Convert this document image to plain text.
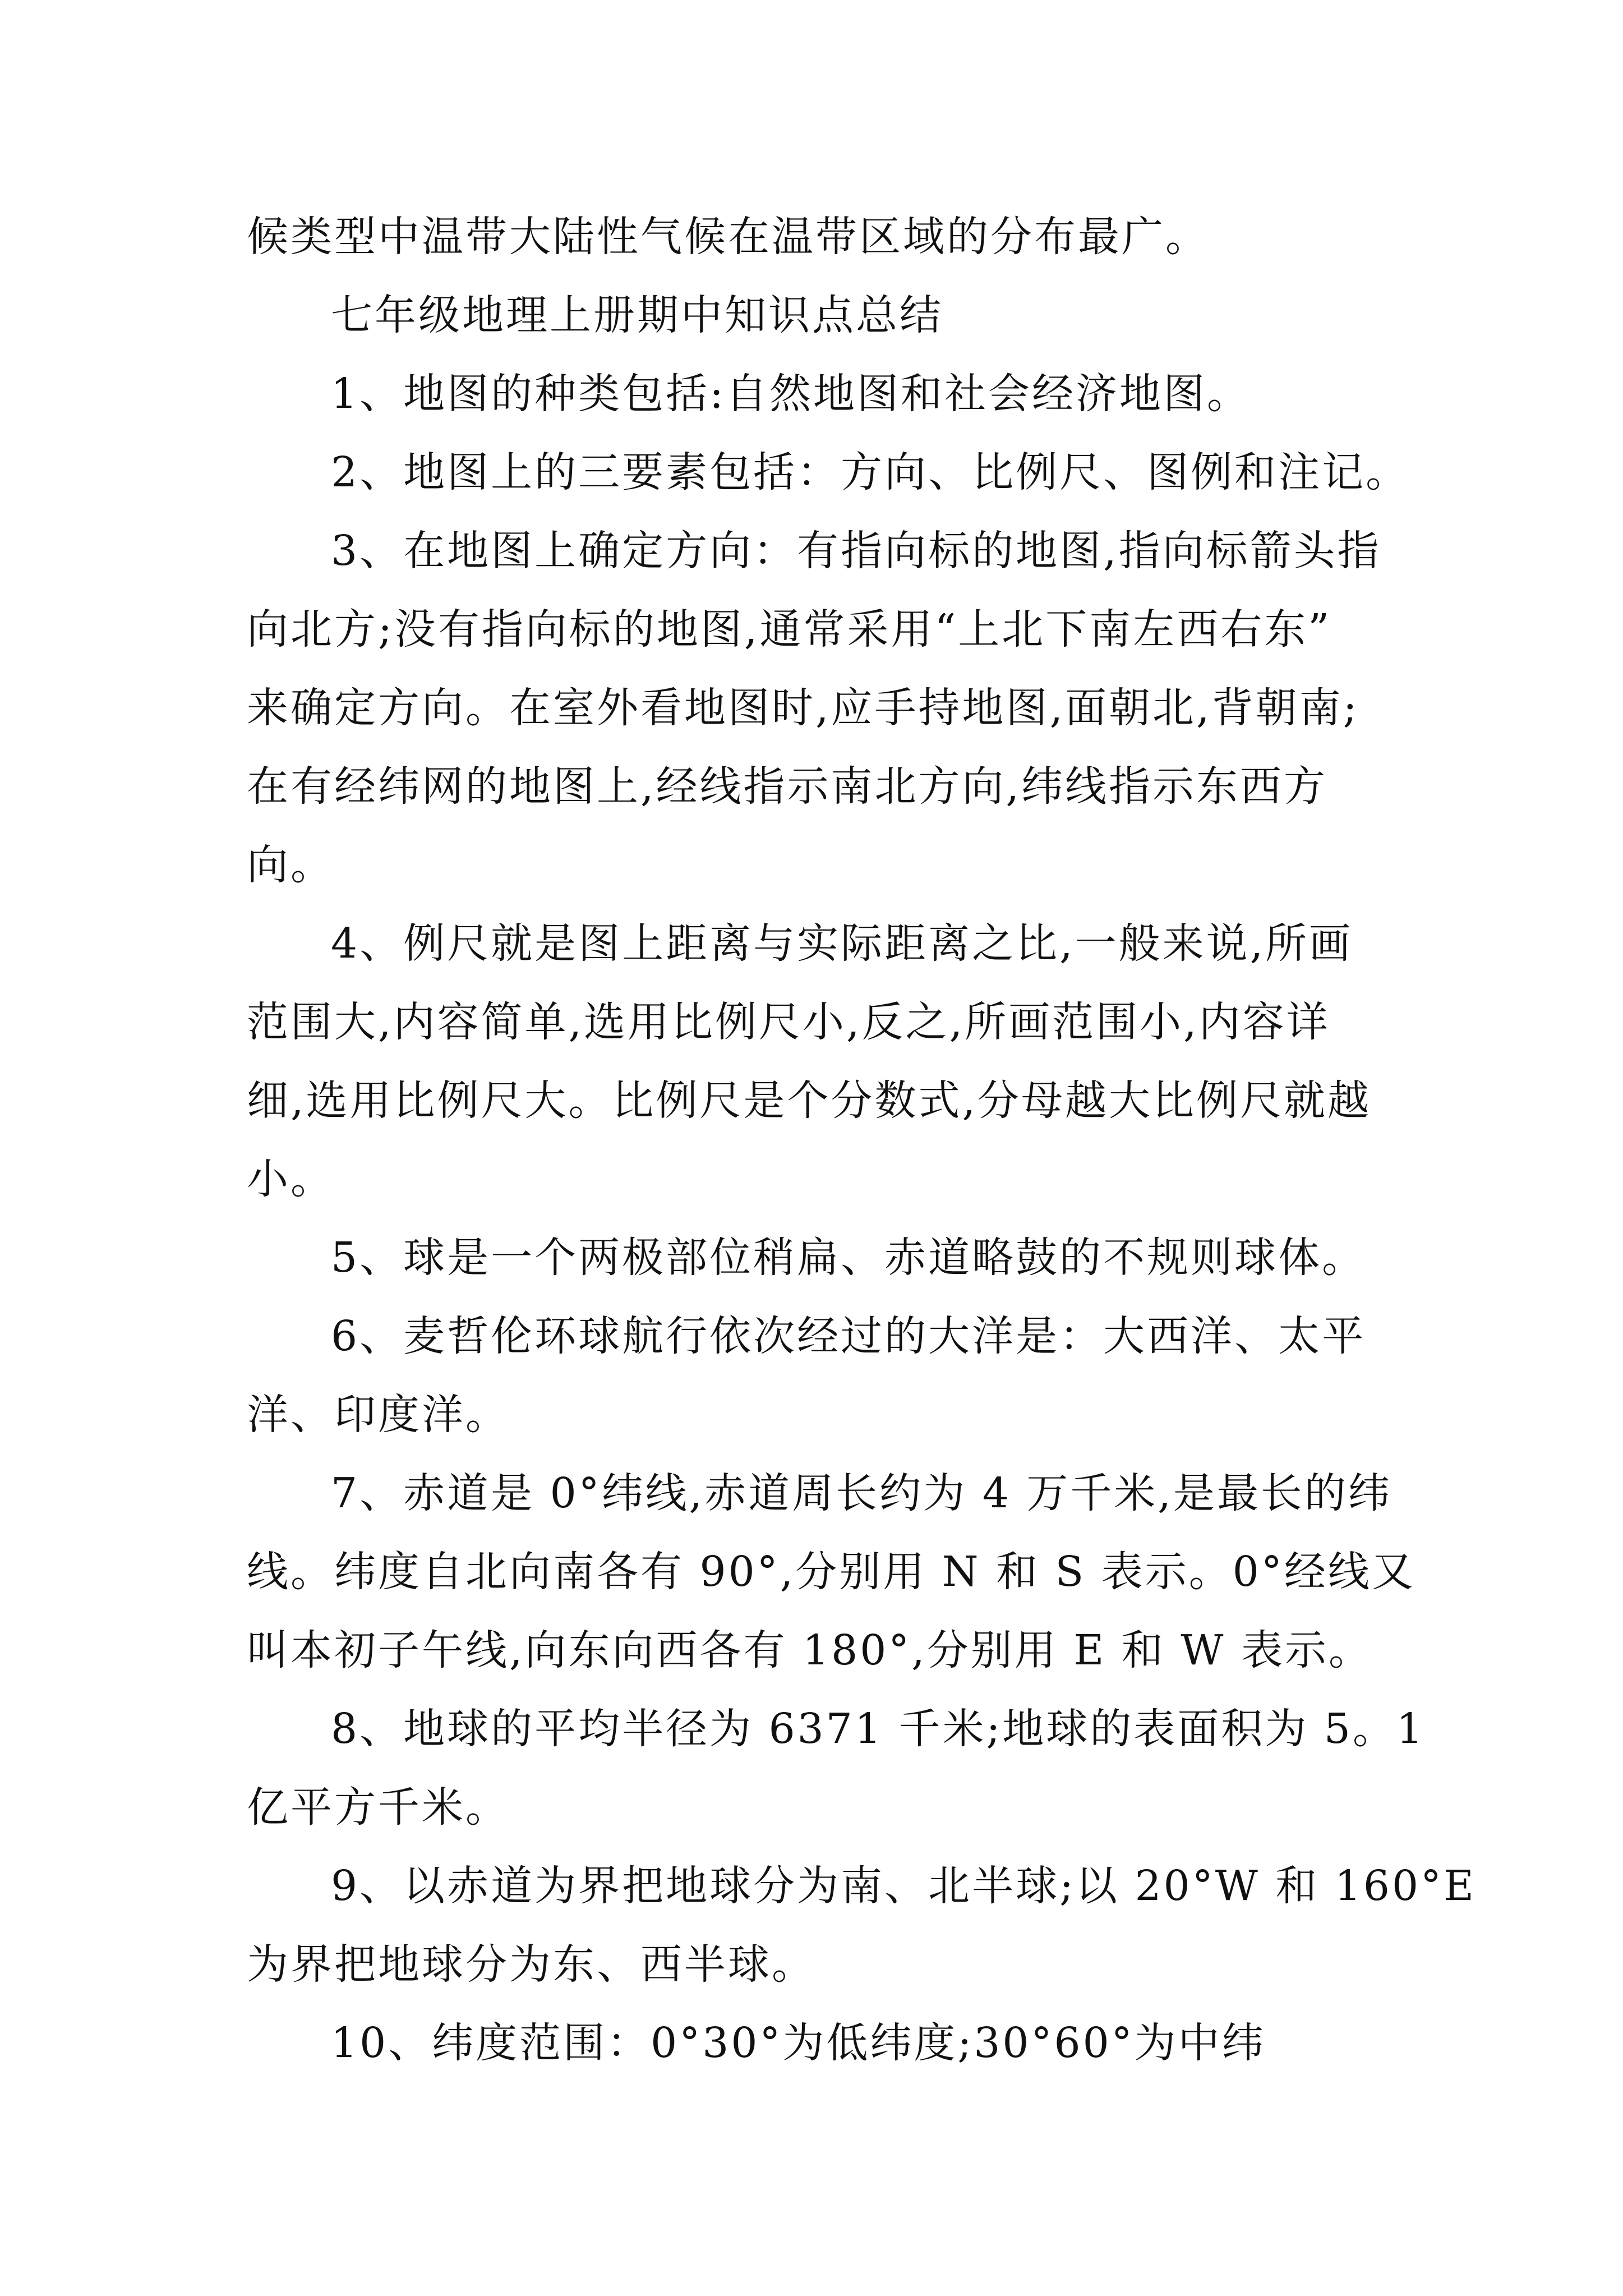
候类型中温带大陆性气候在温带区域的分布最广。
七年级地理上册期中知识点总结
1、地图的种类包括:自然地图和社会经济地图。
2、地图上的三要素包括：方向、比例尺、图例和注记。
3、在地图上确定方向：有指向标的地图,指向标箭头指
向北方;没有指向标的地图,通常采用“上北下南左西右东”
来确定方向。在室外看地图时,应手持地图,面朝北,背朝南;
在有经纬网的地图上,经线指示南北方向,纬线指示东西方
向。
4、例尺就是图上距离与实际距离之比,一般来说,所画
范围大,内容简单,选用比例尺小,反之,所画范围小,内容详
细,选用比例尺大。比例尺是个分数式,分母越大比例尺就越
小。
5、球是一个两极部位稍扁、赤道略鼓的不规则球体。
6、麦哲伦环球航行依次经过的大洋是：大西洋、太平
洋、印度洋。
7、赤道是 0°纬线,赤道周长约为 4 万千米,是最长的纬
线。纬度自北向南各有 90°,分别用 N 和 S 表示。0°经线又
叫本初子午线,向东向西各有 180°,分别用 E 和 W 表示。
8、地球的平均半径为 6371 千米;地球的表面积为 5。1
亿平方千米。
9、以赤道为界把地球分为南、北半球;以 20°W 和 160°E
为界把地球分为东、西半球。
10、纬度范围：0°30°为低纬度;30°60°为中纬
